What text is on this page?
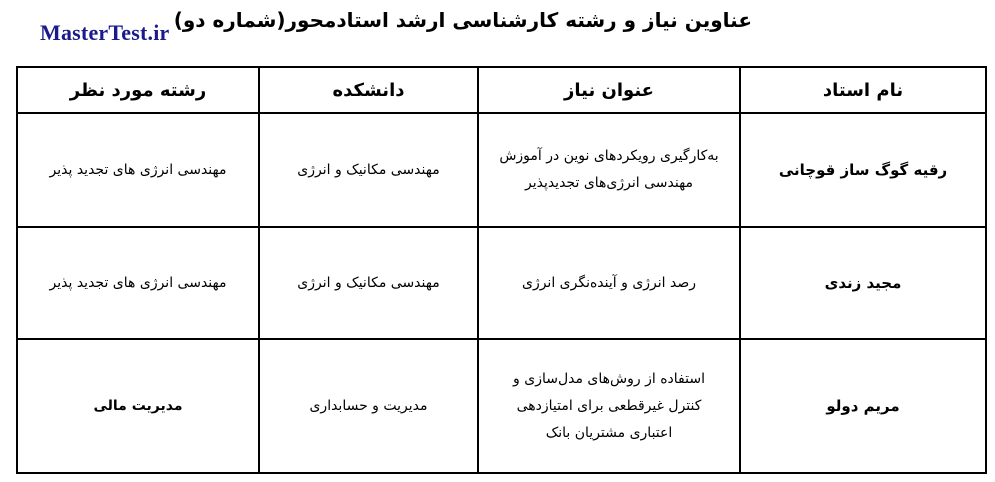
MasterTest.ir عناوین نیاز و رشته کارشناسی ارشد استادمحور(شماره دو)
نام استاد	عنوان نیاز	دانشکده	رشته مورد نظر
رقیه گوگ ساز قوچانی	به‌کارگیری رویکردهای نوین در آموزش مهندسی انرژی‌های تجدیدپذیر	مهندسی مکانیک و انرژی	مهندسی انرژی های تجدید پذیر
مجید زندی	رصد انرژی و آینده‌نگری انرژی	مهندسی مکانیک و انرژی	مهندسی انرژی های تجدید پذیر
مریم دولو	استفاده از روش‌های مدل‌سازی و کنترل غیرقطعی برای امتیازدهی اعتباری مشتریان بانک	مدیریت و حسابداری	مدیریت مالی
